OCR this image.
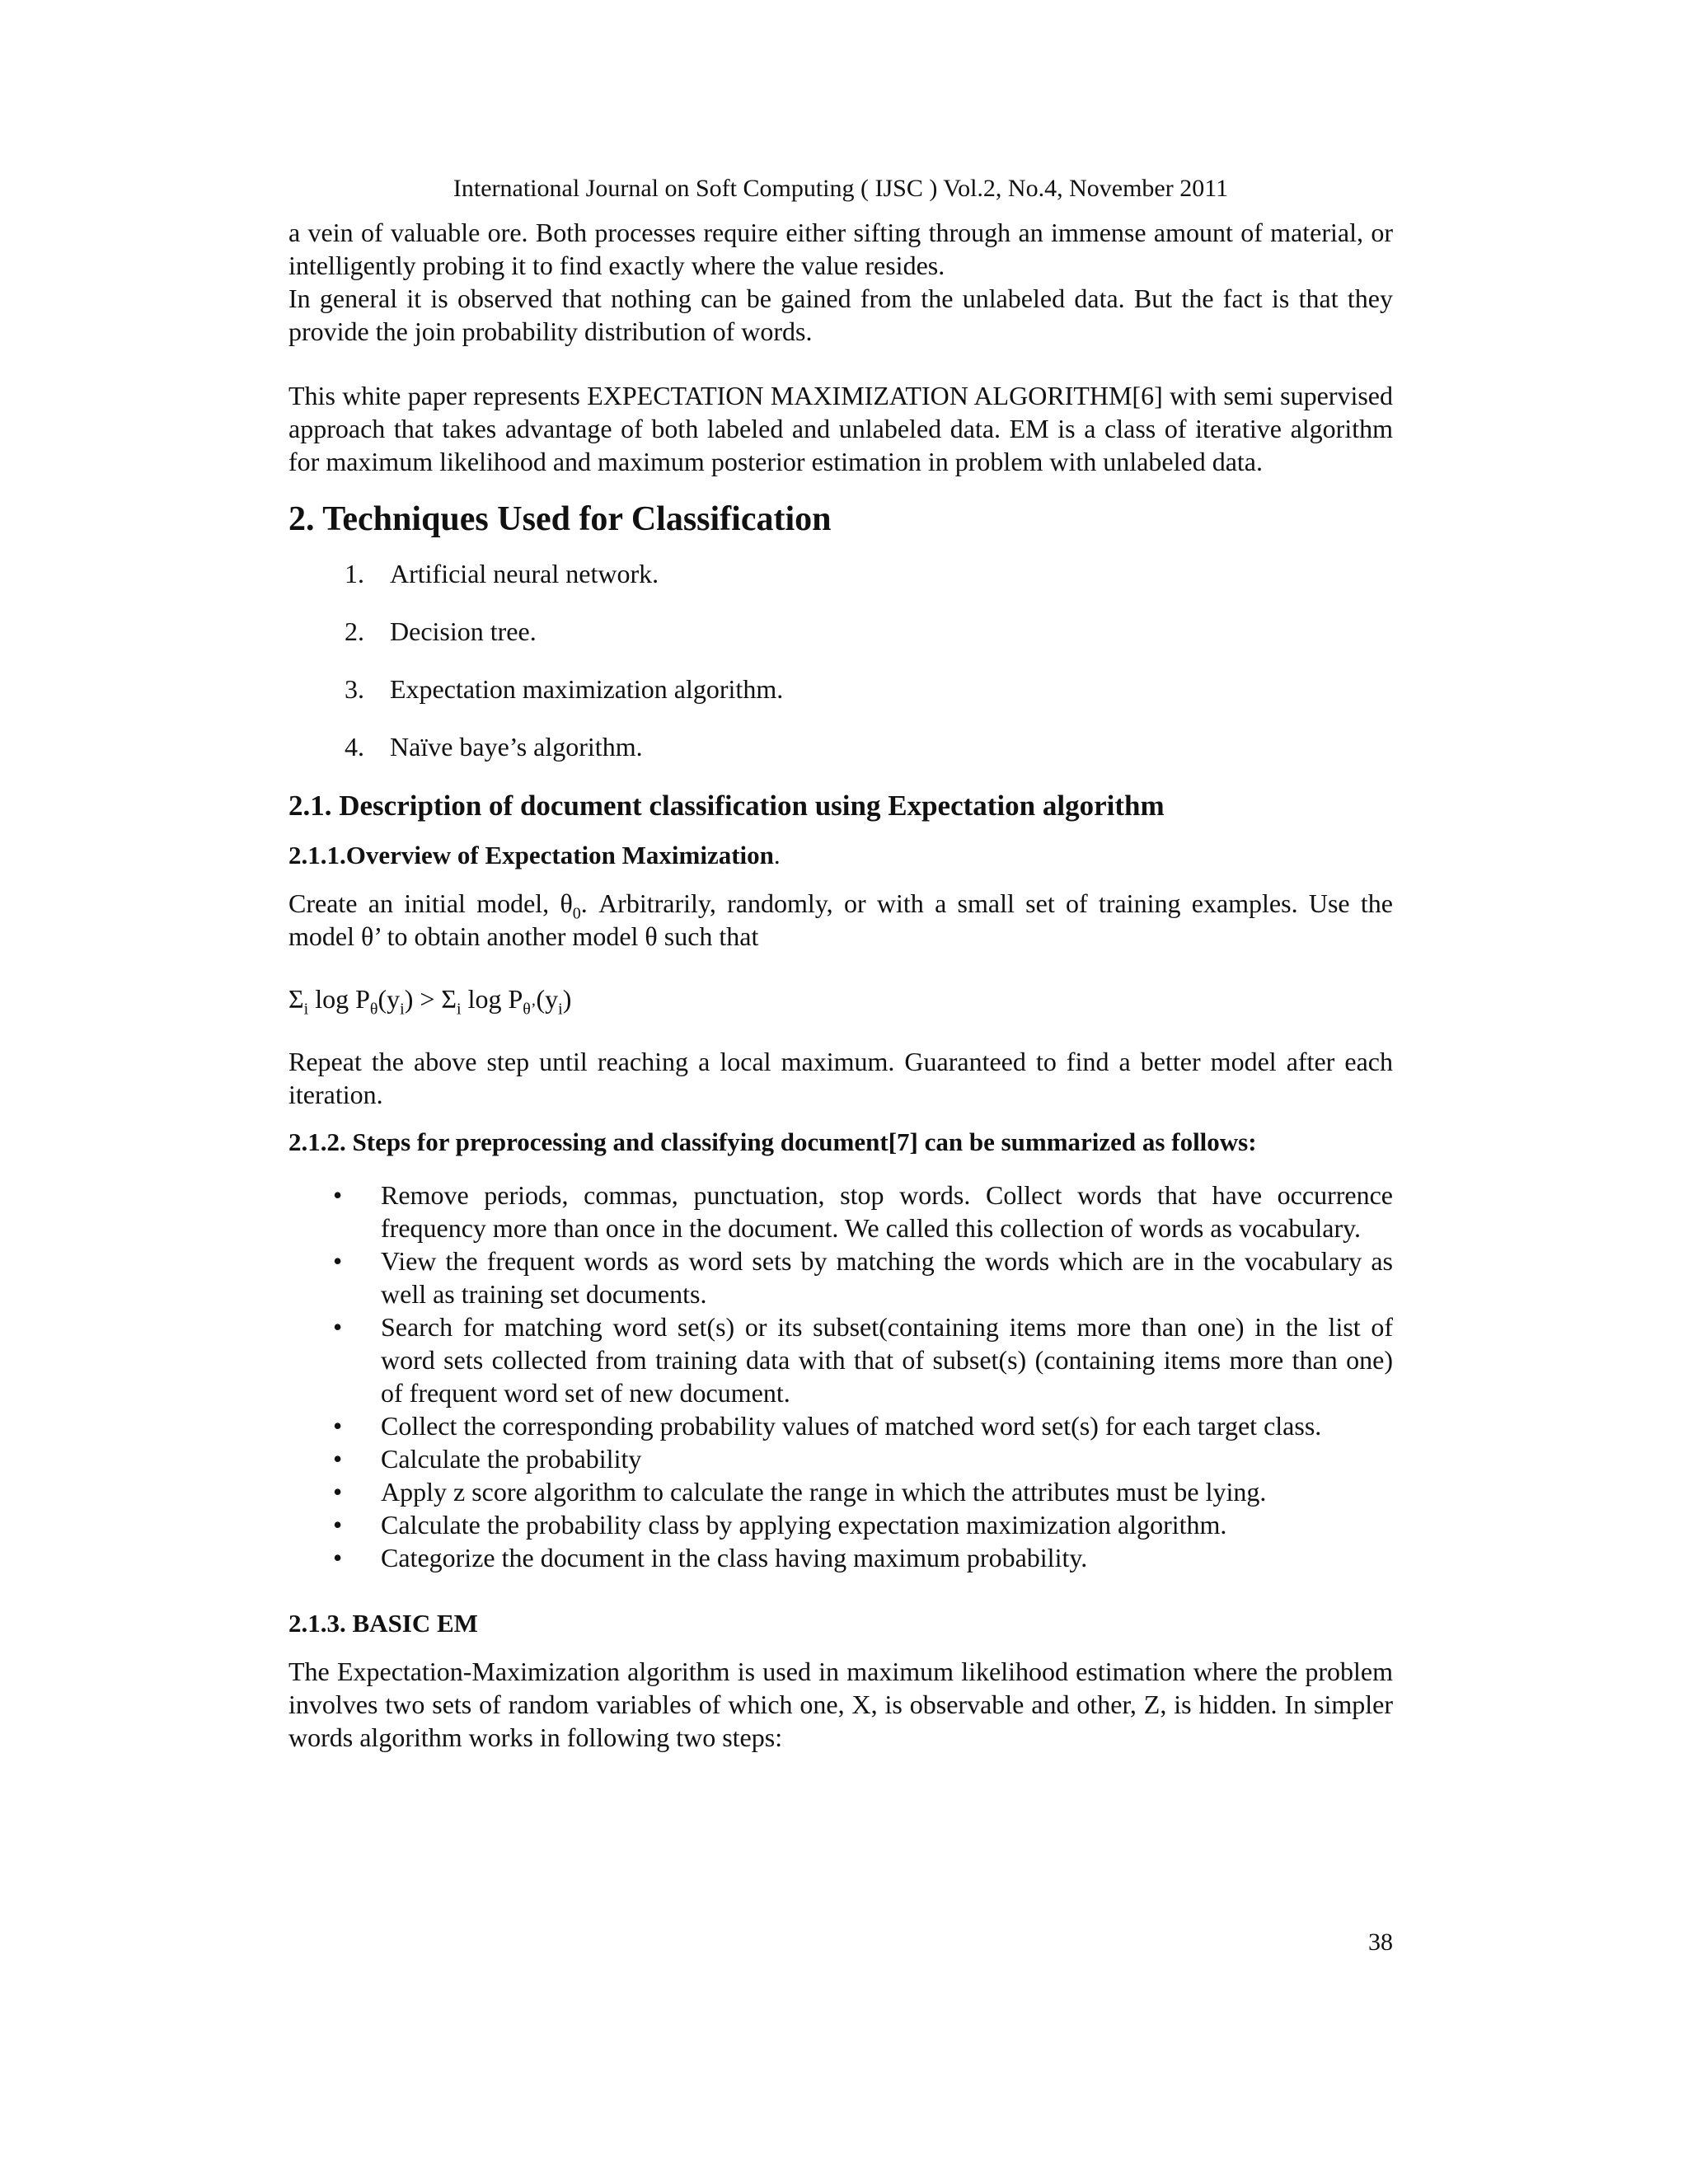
International Journal on Soft Computing ( IJSC ) Vol.2, No.4, November 2011

a vein of valuable ore. Both processes require either sifting through an immense amount of material, or intelligently probing it to find exactly where the value resides.

In general it is observed that nothing can be gained from the unlabeled data. But the fact is that they provide the join probability distribution of words.

This white paper represents EXPECTATION MAXIMIZATION ALGORITHM[6] with semi supervised approach that takes advantage of both labeled and unlabeled data. EM is a class of iterative algorithm for maximum likelihood and maximum posterior estimation in problem with unlabeled data.

2. Techniques Used for Classification
1. Artificial neural network.
2. Decision tree.
3. Expectation maximization algorithm.
4. Naïve baye’s algorithm.
2.1. Description of document classification using Expectation algorithm
2.1.1.Overview of Expectation Maximization.

Create an initial model, $\theta_0$. Arbitrarily, randomly, or with a small set of training examples. Use the model θ’ to obtain another model θ such that

$\Sigma_i$ $\log P_\theta(y_i) > \Sigma_i$ $\log P_{\theta’}(y_i)$

Repeat the above step until reaching a local maximum. Guaranteed to find a better model after each iteration.

2.1.2. Steps for preprocessing and classifying document[7] can be summarized as follows:
• Remove periods, commas, punctuation, stop words. Collect words that have occurrence frequency more than once in the document. We called this collection of words as vocabulary.
• View the frequent words as word sets by matching the words which are in the vocabulary as well as training set documents.
• Search for matching word set(s) or its subset(containing items more than one) in the list of word sets collected from training data with that of subset(s) (containing items more than one) of frequent word set of new document.
• Collect the corresponding probability values of matched word set(s) for each target class.
• Calculate the probability
• Apply z score algorithm to calculate the range in which the attributes must be lying.
• Calculate the probability class by applying expectation maximization algorithm.
• Categorize the document in the class having maximum probability.
2.1.3. BASIC EM

The Expectation-Maximization algorithm is used in maximum likelihood estimation where the problem involves two sets of random variables of which one, X, is observable and other, Z, is hidden. In simpler words algorithm works in following two steps:

38
